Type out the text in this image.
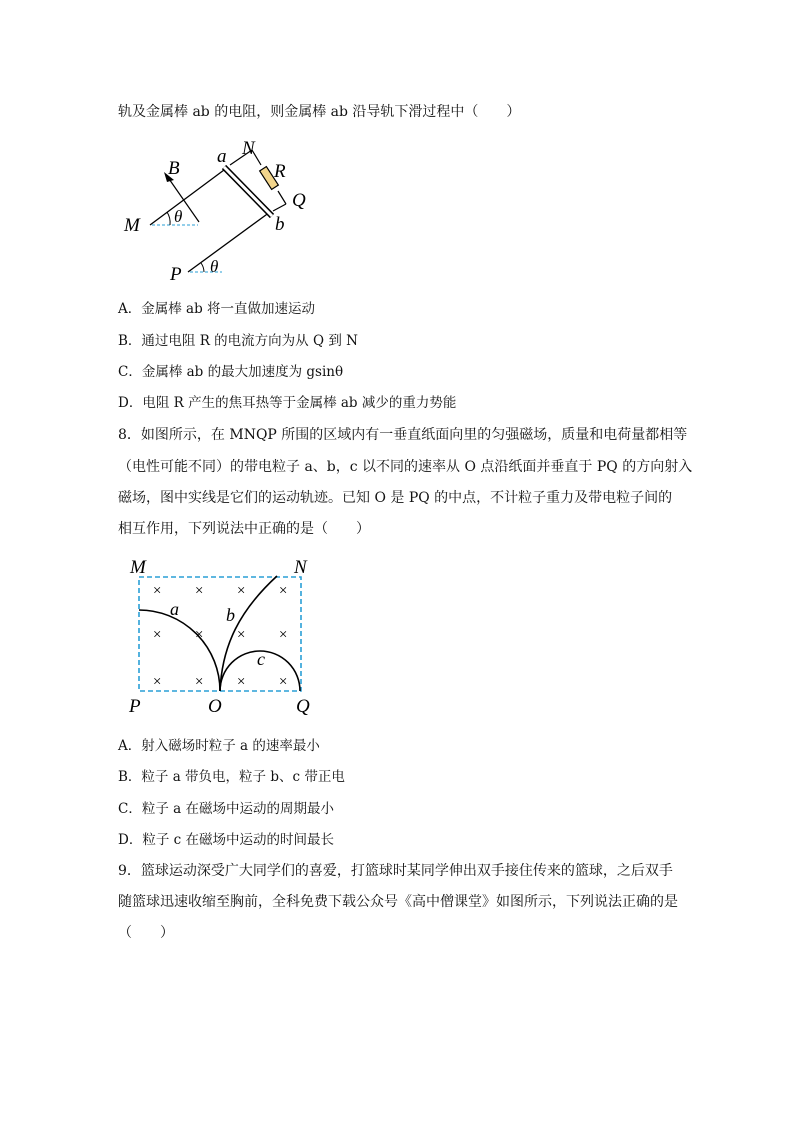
轨及金属棒 ab 的电阻，则金属棒 ab 沿导轨下滑过程中（　　）
B
a N
R
Q
M θ	b
P θ
A．金属棒 ab 将一直做加速运动
B．通过电阻 R 的电流方向为从 Q 到 N
C．金属棒 ab 的最大加速度为 gsinθ
D．电阻 R 产生的焦耳热等于金属棒 ab 减少的重力势能
8．如图所示，在 MNQP 所围的区域内有一垂直纸面向里的匀强磁场，质量和电荷量都相等
（电性可能不同）的带电粒子 a、b，c 以不同的速率从 O 点沿纸面并垂直于 PQ 的方向射入
磁场，图中实线是它们的运动轨迹。已知 O 是 PQ 的中点，不计粒子重力及带电粒子间的
相互作用，下列说法中正确的是（　　）
× × × ×
× × × ×
× × × ×
M	N
P	O	Q
a	b
c
A．射入磁场时粒子 a 的速率最小
B．粒子 a 带负电，粒子 b、c 带正电
C．粒子 a 在磁场中运动的周期最小
D．粒子 c 在磁场中运动的时间最长
9．篮球运动深受广大同学们的喜爱，打篮球时某同学伸出双手接住传来的篮球，之后双手
随篮球迅速收缩至胸前，全科免费下载公众号《高中僧课堂》如图所示，下列说法正确的是
（　　）
